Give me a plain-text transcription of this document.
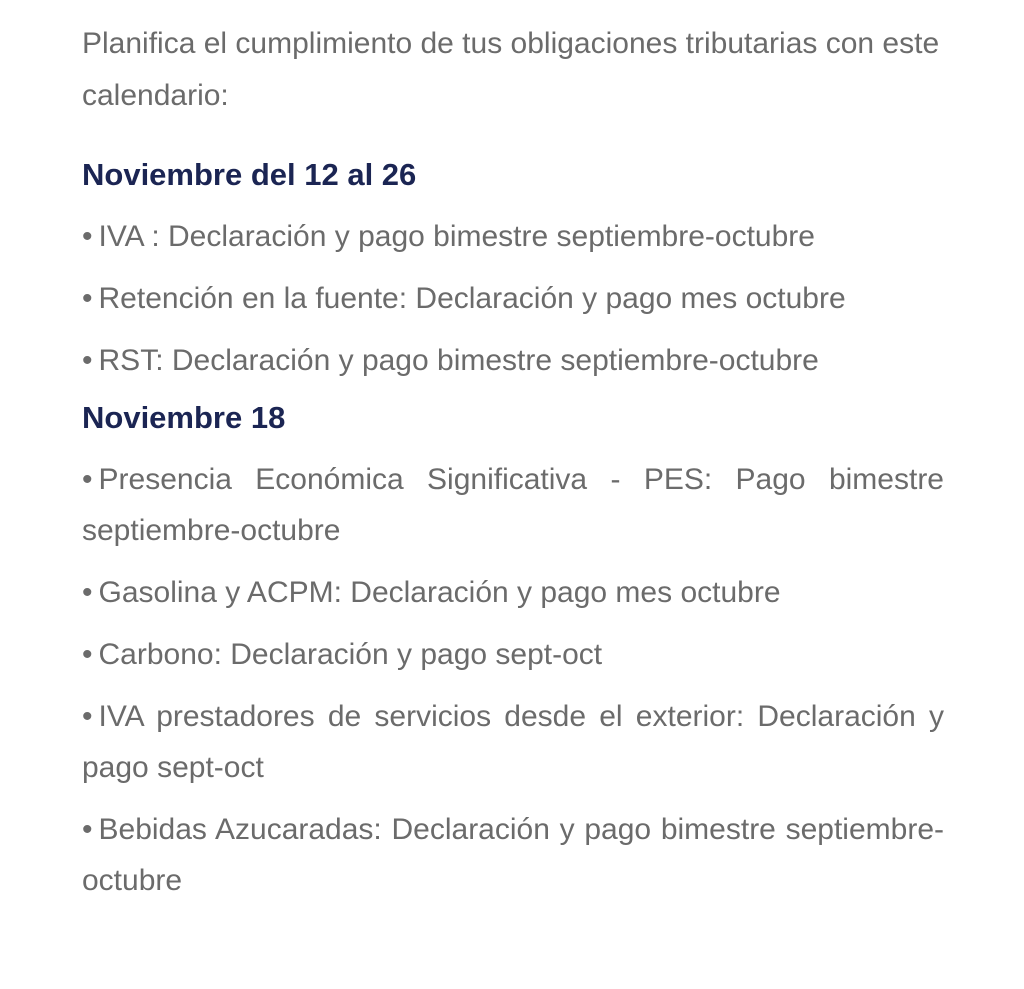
Planifica el cumplimiento de tus obligaciones tributarias con este calendario:

Noviembre del 12 al 26

• IVA : Declaración y pago bimestre septiembre-octubre

• Retención en la fuente: Declaración y pago mes octubre

• RST: Declaración y pago bimestre septiembre-octubre

Noviembre 18

• Presencia Económica Significativa - PES: Pago bimestre septiembre-octubre

• Gasolina y ACPM: Declaración y pago mes octubre

• Carbono: Declaración y pago sept-oct

• IVA prestadores de servicios desde el exterior: Declaración y pago sept-oct

• Bebidas Azucaradas: Declaración y pago bimestre septiembre-octubre
